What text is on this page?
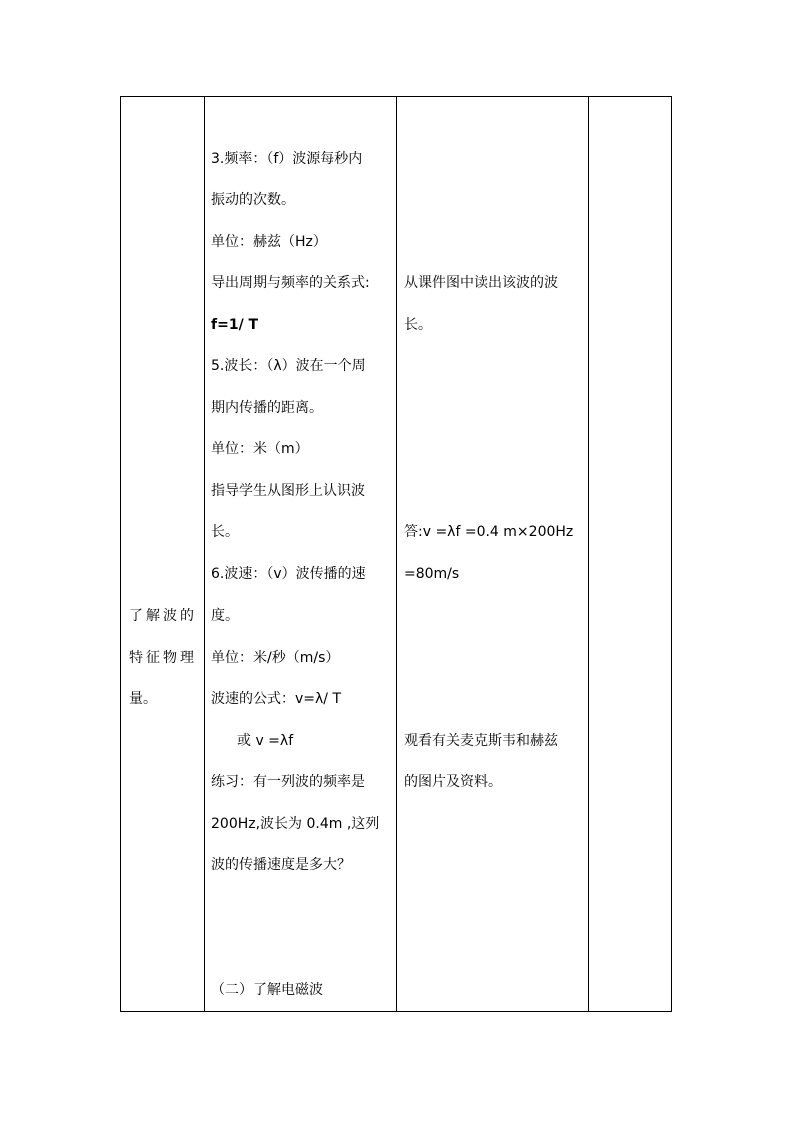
了解波的
特征物理
量。
3.频率：（f）波源每秒内
振动的次数。
单位：赫兹（Hz）
导出周期与频率的关系式:
f=1/ T
5.波长：（λ）波在一个周
期内传播的距离。
单位：米（m）
指导学生从图形上认识波
长。
6.波速：（v）波传播的速
度。
单位：米/秒（m/s）
波速的公式：v=λ/ T
或 v =λf
练习：有一列波的频率是
200Hz,波长为 0.4m ,这列
波的传播速度是多大？
（二）了解电磁波
从课件图中读出该波的波
长。
答:v =λf =0.4 m×200Hz
=80m/s
观看有关麦克斯韦和赫兹
的图片及资料。
